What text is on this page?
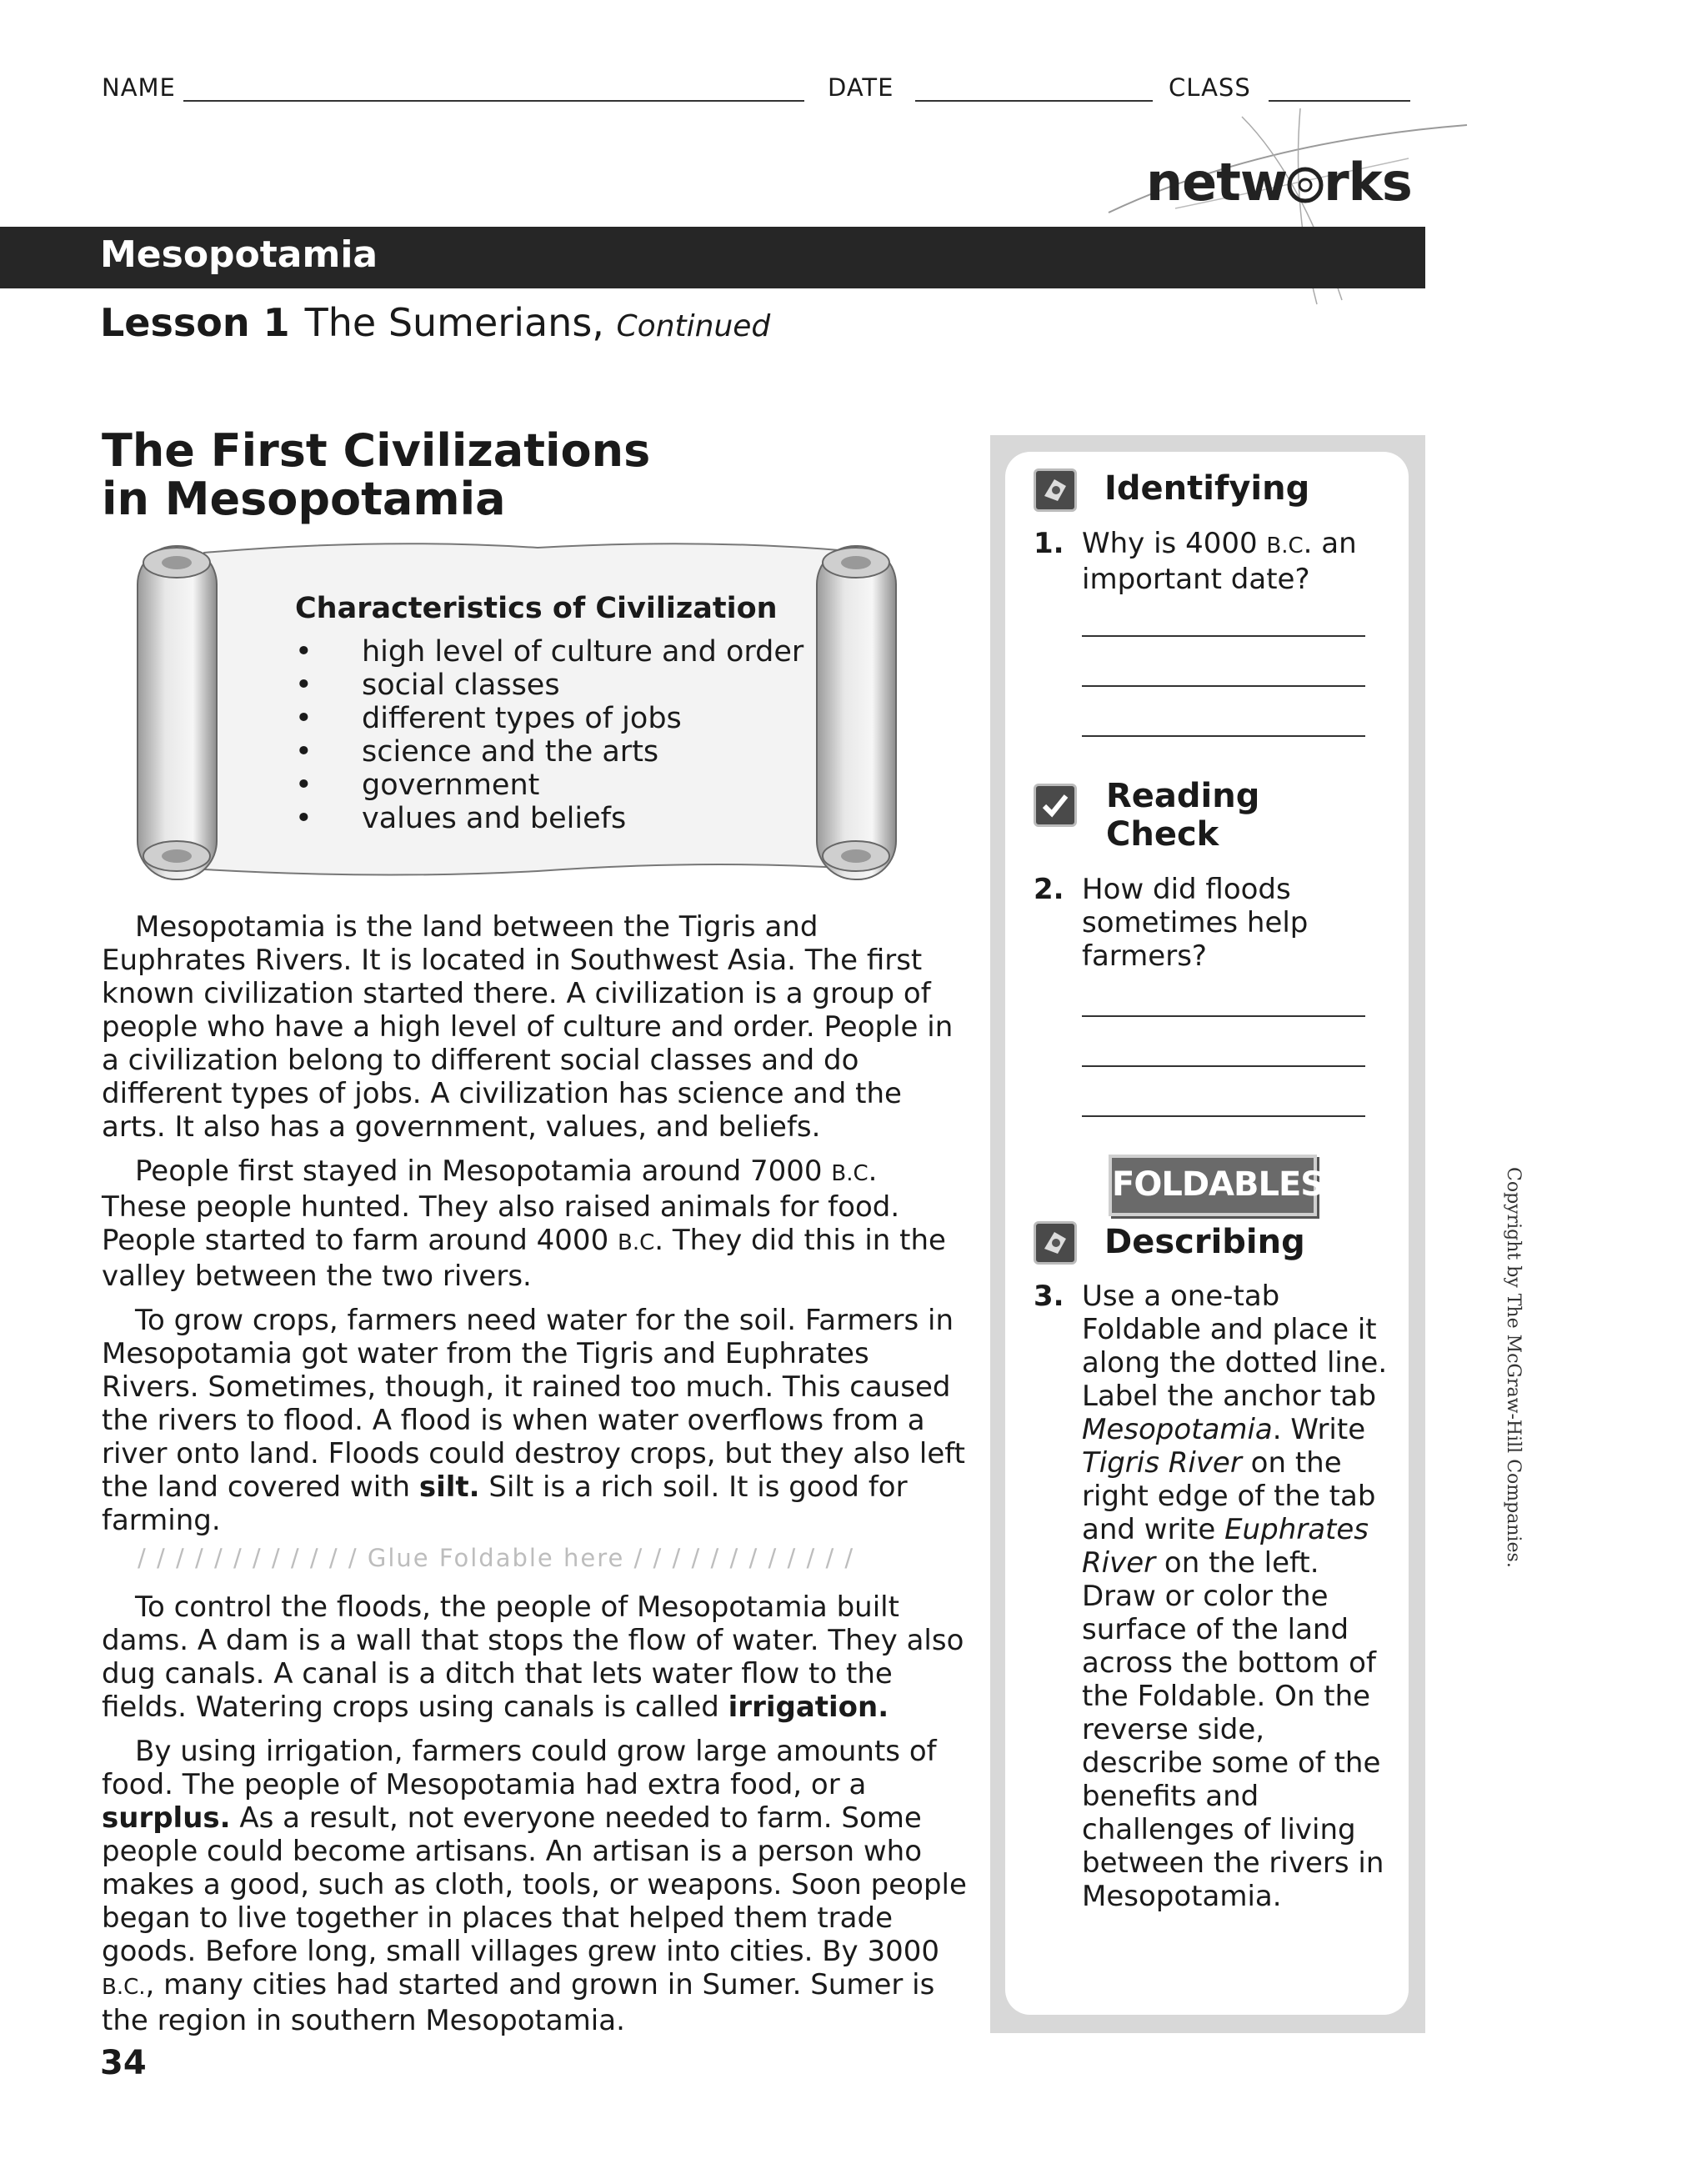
NAME	DATE	CLASS
netw rks
Mesopotamia
Lesson 1 The Sumerians, Continued
The First Civilizations
in Mesopotamia
Characteristics of Civilization
• high level of culture and order
• social classes
• different types of jobs
• science and the arts
• government
• values and beliefs

Mesopotamia is the land between the Tigris and Euphrates Rivers. It is located in Southwest Asia. The first known civilization started there. A civilization is a group of people who have a high level of culture and order. People in a civilization belong to different social classes and do different types of jobs. A civilization has science and the arts. It also has a government, values, and beliefs.

People first stayed in Mesopotamia around 7000 B.C. These people hunted. They also raised animals for food. People started to farm around 4000 B.C. They did this in the valley between the two rivers.

To grow crops, farmers need water for the soil. Farmers in Mesopotamia got water from the Tigris and Euphrates Rivers. Sometimes, though, it rained too much. This caused the rivers to flood. A flood is when water overflows from a river onto land. Floods could destroy crops, but they also left the land covered with silt. Silt is a rich soil. It is good for farming.

/ / / / / / / / / / / / Glue Foldable here / / / / / / / / / / / /

To control the floods, the people of Mesopotamia built dams. A dam is a wall that stops the flow of water. They also dug canals. A canal is a ditch that lets water flow to the fields. Watering crops using canals is called irrigation.

By using irrigation, farmers could grow large amounts of food. The people of Mesopotamia had extra food, or a surplus. As a result, not everyone needed to farm. Some people could become artisans. An artisan is a person who makes a good, such as cloth, tools, or weapons. Soon people began to live together in places that helped them trade goods. Before long, small villages grew into cities. By 3000 B.C., many cities had started and grown in Sumer. Sumer is the region in southern Mesopotamia.

34
Identifying
1. Why is 4000 B.C. an important date?
Reading
Check
2. How did floods sometimes help farmers?
FOLDABLES
Describing
3. Use a one-tab Foldable and place it along the dotted line. Label the anchor tab Mesopotamia. Write Tigris River on the right edge of the tab and write Euphrates River on the left. Draw or color the surface of the land across the bottom of the Foldable. On the reverse side, describe some of the benefits and challenges of living between the rivers in Mesopotamia.
Copyright by The McGraw-Hill Companies.
